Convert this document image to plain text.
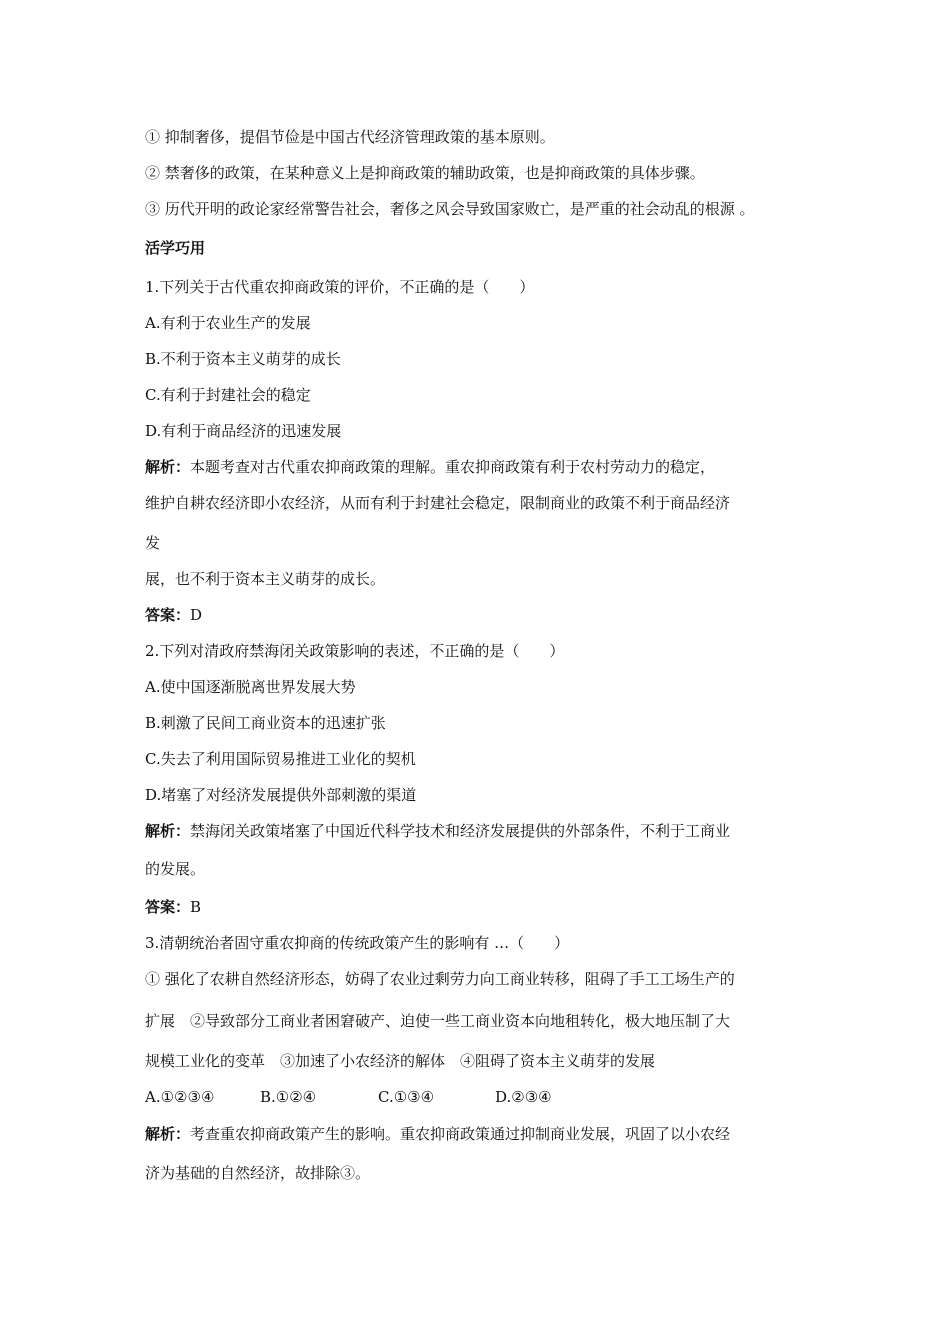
① 抑制奢侈，提倡节俭是中国古代经济管理政策的基本原则。
② 禁奢侈的政策，在某种意义上是抑商政策的辅助政策，也是抑商政策的具体步骤。
③ 历代开明的政论家经常警告社会，奢侈之风会导致国家败亡，是严重的社会动乱的根源 。
活学巧用
1.下列关于古代重农抑商政策的评价，不正确的是（　　）
A.有利于农业生产的发展
B.不利于资本主义萌芽的成长
C.有利于封建社会的稳定
D.有利于商品经济的迅速发展
解析：本题考查对古代重农抑商政策的理解。重农抑商政策有利于农村劳动力的稳定，
维护自耕农经济即小农经济，从而有利于封建社会稳定，限制商业的政策不利于商品经济
发
展，也不利于资本主义萌芽的成长。
答案：D
2.下列对清政府禁海闭关政策影响的表述，不正确的是（　　）
A.使中国逐渐脱离世界发展大势
B.刺激了民间工商业资本的迅速扩张
C.失去了利用国际贸易推进工业化的契机
D.堵塞了对经济发展提供外部刺激的渠道
解析：禁海闭关政策堵塞了中国近代科学技术和经济发展提供的外部条件，不利于工商业
的发展。
答案：B
3.清朝统治者固守重农抑商的传统政策产生的影响有 …（　　）
① 强化了农耕自然经济形态，妨碍了农业过剩劳力向工商业转移，阻碍了手工工场生产的
扩展　②导致部分工商业者困窘破产、迫使一些工商业资本向地租转化，极大地压制了大
规模工业化的变革　③加速了小农经济的解体　④阻碍了资本主义萌芽的发展
A.①②③④	B.①②④	C.①③④	D.②③④
解析：考查重农抑商政策产生的影响。重农抑商政策通过抑制商业发展，巩固了以小农经
济为基础的自然经济，故排除③。
